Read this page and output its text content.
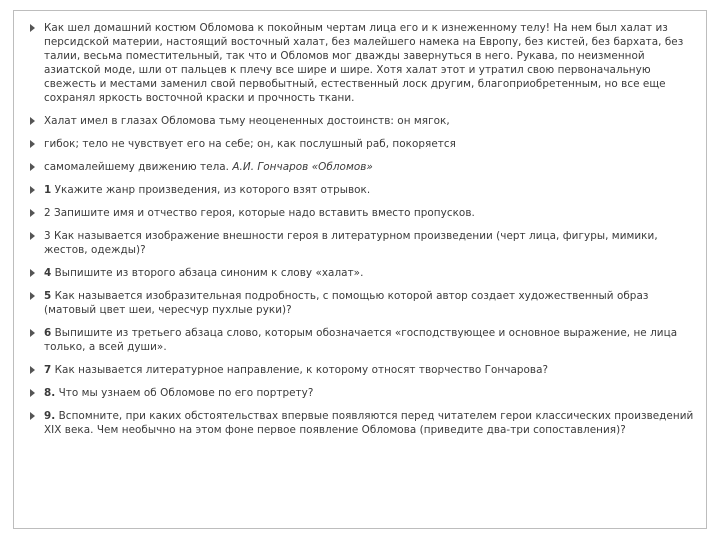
Как шел домашний костюм Обломова к покойным чертам лица его и к изнеженному телу! На нем был халат из персидской материи, настоящий восточный халат, без малейшего намека на Европу, без кистей, без бархата, без талии, весьма поместительный, так что и Обломов мог дважды завернуться в него. Рукава, по неизменной азиатской моде, шли от пальцев к плечу все шире и шире. Хотя халат этот и утратил свою первоначальную свежесть и местами заменил свой первобытный, естественный лоск другим, благоприобретенным, но все еще сохранял яркость восточной краски и прочность ткани.
Халат имел в глазах Обломова тьму неоцененных достоинств: он мягок,
гибок; тело не чувствует его на себе; он, как послушный раб, покоряется
самомалейшему движению тела. А.И. Гончаров «Обломов»
1 Укажите жанр произведения, из которого взят отрывок.
2 Запишите имя и отчество героя, которые надо вставить вместо пропусков.
3 Как называется изображение внешности героя в литературном произведении (черт лица, фигуры, мимики, жестов, одежды)?
4 Выпишите из второго абзаца синоним к слову «халат».
5 Как называется изобразительная подробность, с помощью которой автор создает художественный образ (матовый цвет шеи, чересчур пухлые руки)?
6 Выпишите из третьего абзаца слово, которым обозначается «господствующее и основное выражение, не лица только, а всей души».
7 Как называется литературное направление, к которому относят творчество Гончарова?
8. Что мы узнаем об Обломове по его портрету?
9. Вспомните, при каких обстоятельствах впервые появляются перед читателем герои классических произведений XIX века. Чем необычно на этом фоне первое появление Обломова (приведите два-три сопоставления)?
